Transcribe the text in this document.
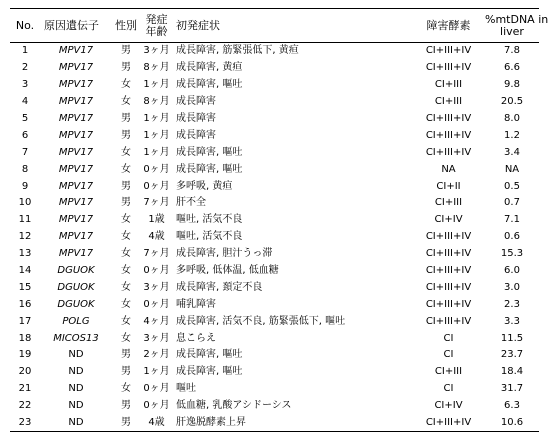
No.	原因遺伝子	性別	発症
年齢	初発症状	障害酵素	%mtDNA in
liver

1	MPV17	男	3ヶ月	成長障害, 筋緊張低下, 黄疸	CI+III+IV	7.8
2	MPV17	男	8ヶ月	成長障害, 黄疸	CI+III+IV	6.6
3	MPV17	女	1ヶ月	成長障害, 嘔吐	CI+III	9.8
4	MPV17	女	8ヶ月	成長障害	CI+III	20.5
5	MPV17	男	1ヶ月	成長障害	CI+III+IV	8.0
6	MPV17	男	1ヶ月	成長障害	CI+III+IV	1.2
7	MPV17	女	1ヶ月	成長障害, 嘔吐	CI+III+IV	3.4
8	MPV17	女	0ヶ月	成長障害, 嘔吐	NA	NA
9	MPV17	男	0ヶ月	多呼吸, 黄疸	CI+II	0.5
10	MPV17	男	7ヶ月	肝不全	CI+III	0.7
11	MPV17	女	1歳	嘔吐, 活気不良	CI+IV	7.1
12	MPV17	女	4歳	嘔吐, 活気不良	CI+III+IV	0.6
13	MPV17	女	7ヶ月	成長障害, 胆汁うっ滞	CI+III+IV	15.3
14	DGUOK	女	0ヶ月	多呼吸, 低体温, 低血糖	CI+III+IV	6.0
15	DGUOK	女	3ヶ月	成長障害, 頚定不良	CI+III+IV	3.0
16	DGUOK	女	0ヶ月	哺乳障害	CI+III+IV	2.3
17	POLG	女	4ヶ月	成長障害, 活気不良, 筋緊張低下, 嘔吐	CI+III+IV	3.3
18	MICOS13	女	3ヶ月	息こらえ	CI	11.5
19	ND	男	2ヶ月	成長障害, 嘔吐	CI	23.7
20	ND	男	1ヶ月	成長障害, 嘔吐	CI+III	18.4
21	ND	女	0ヶ月	嘔吐	CI	31.7
22	ND	男	0ヶ月	低血糖, 乳酸アシドーシス	CI+IV	6.3
23	ND	男	4歳	肝逸脱酵素上昇	CI+III+IV	10.6
